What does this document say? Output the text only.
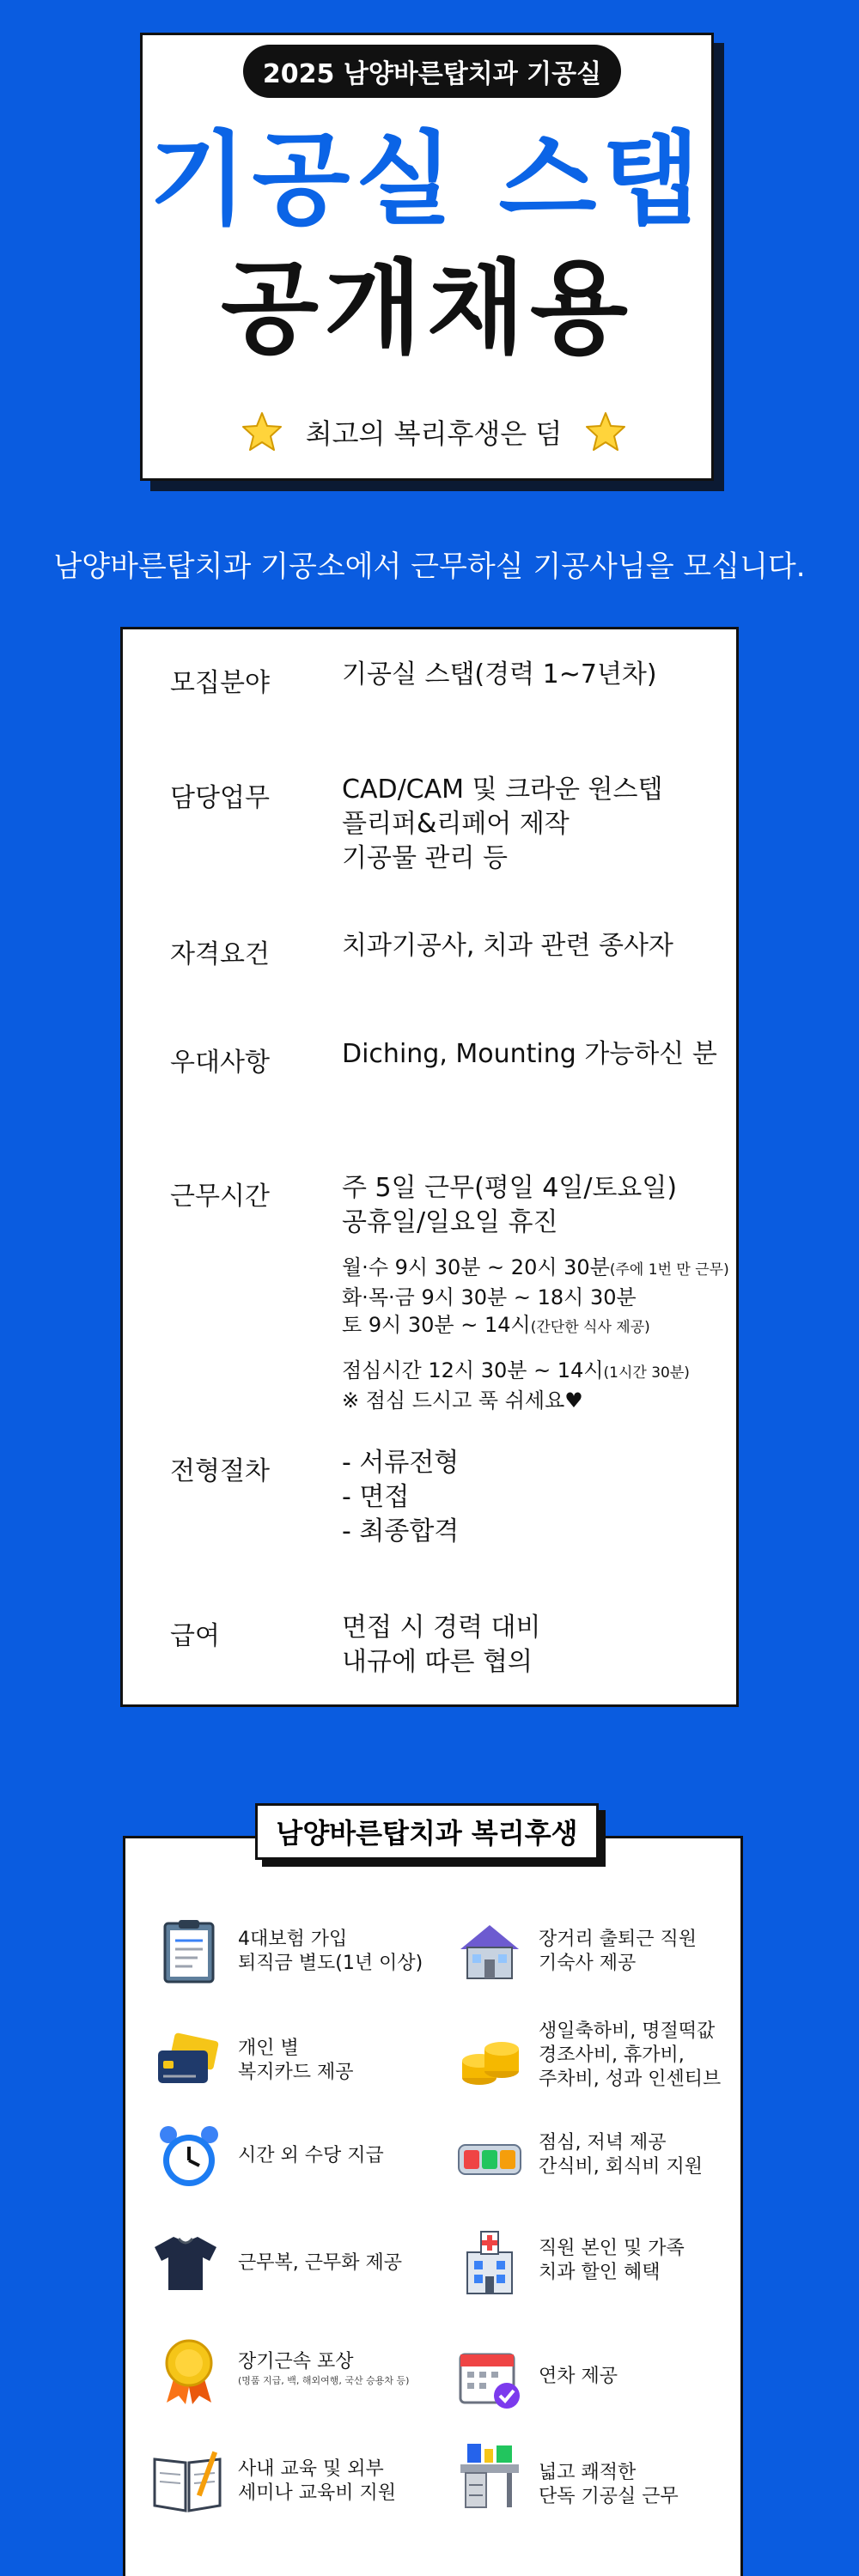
2025 남양바른탑치과 기공실
기공실 스탭
공개채용
최고의 복리후생은 덤
남양바른탑치과 기공소에서 근무하실 기공사님을 모십니다.
모집분야	기공실 스탭(경력 1~7년차)
담당업무	CAD/CAM 및 크라운 원스텝
플리퍼&리페어 제작
기공물 관리 등
자격요건	치과기공사, 치과 관련 종사자
우대사항	Diching, Mounting 가능하신 분
근무시간	주 5일 근무(평일 4일/토요일)
공휴일/일요일 휴진
월·수 9시 30분 ~ 20시 30분(주에 1번 만 근무)
화·목·금 9시 30분 ~ 18시 30분
토 9시 30분 ~ 14시(간단한 식사 제공)
점심시간 12시 30분 ~ 14시(1시간 30분)
※ 점심 드시고 푹 쉬세요♥
전형절차	- 서류전형
- 면접
- 최종합격
급여	면접 시 경력 대비
내규에 따른 협의
남양바른탑치과 복리후생
4대보험 가입
퇴직금 별도(1년 이상)
장거리 출퇴근 직원
기숙사 제공
개인 별
복지카드 제공
생일축하비, 명절떡값
경조사비, 휴가비,
주차비, 성과 인센티브
시간 외 수당 지급
점심, 저녁 제공
간식비, 회식비 지원
근무복, 근무화 제공
직원 본인 및 가족
치과 할인 혜택
장기근속 포상
(명품 지급, 백, 해외여행, 국산 승용차 등)	연차 제공
사내 교육 및 외부
세미나 교육비 지원
넓고 쾌적한
단독 기공실 근무
